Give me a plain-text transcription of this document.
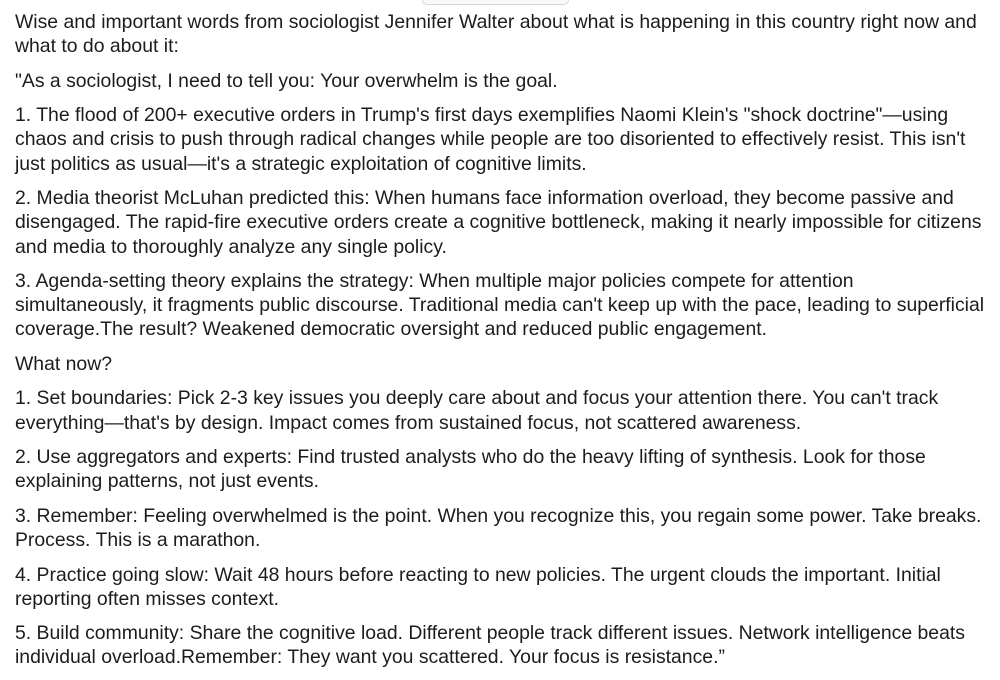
Wise and important words from sociologist Jennifer Walter about what is happening in this country right now and what to do about it:

"As a sociologist, I need to tell you: Your overwhelm is the goal.

1. The flood of 200+ executive orders in Trump's first days exemplifies Naomi Klein's "shock doctrine"—using chaos and crisis to push through radical changes while people are too disoriented to effectively resist. This isn't just politics as usual—it's a strategic exploitation of cognitive limits.

2. Media theorist McLuhan predicted this: When humans face information overload, they become passive and disengaged. The rapid-fire executive orders create a cognitive bottleneck, making it nearly impossible for citizens and media to thoroughly analyze any single policy.

3. Agenda-setting theory explains the strategy: When multiple major policies compete for attention simultaneously, it fragments public discourse. Traditional media can't keep up with the pace, leading to superficial coverage.The result? Weakened democratic oversight and reduced public engagement.

What now?

1. Set boundaries: Pick 2-3 key issues you deeply care about and focus your attention there. You can't track everything—that's by design. Impact comes from sustained focus, not scattered awareness.

2. Use aggregators and experts: Find trusted analysts who do the heavy lifting of synthesis. Look for those explaining patterns, not just events.

3. Remember: Feeling overwhelmed is the point. When you recognize this, you regain some power. Take breaks. Process. This is a marathon.

4. Practice going slow: Wait 48 hours before reacting to new policies. The urgent clouds the important. Initial reporting often misses context.

5. Build community: Share the cognitive load. Different people track different issues. Network intelligence beats individual overload.Remember: They want you scattered. Your focus is resistance.”
